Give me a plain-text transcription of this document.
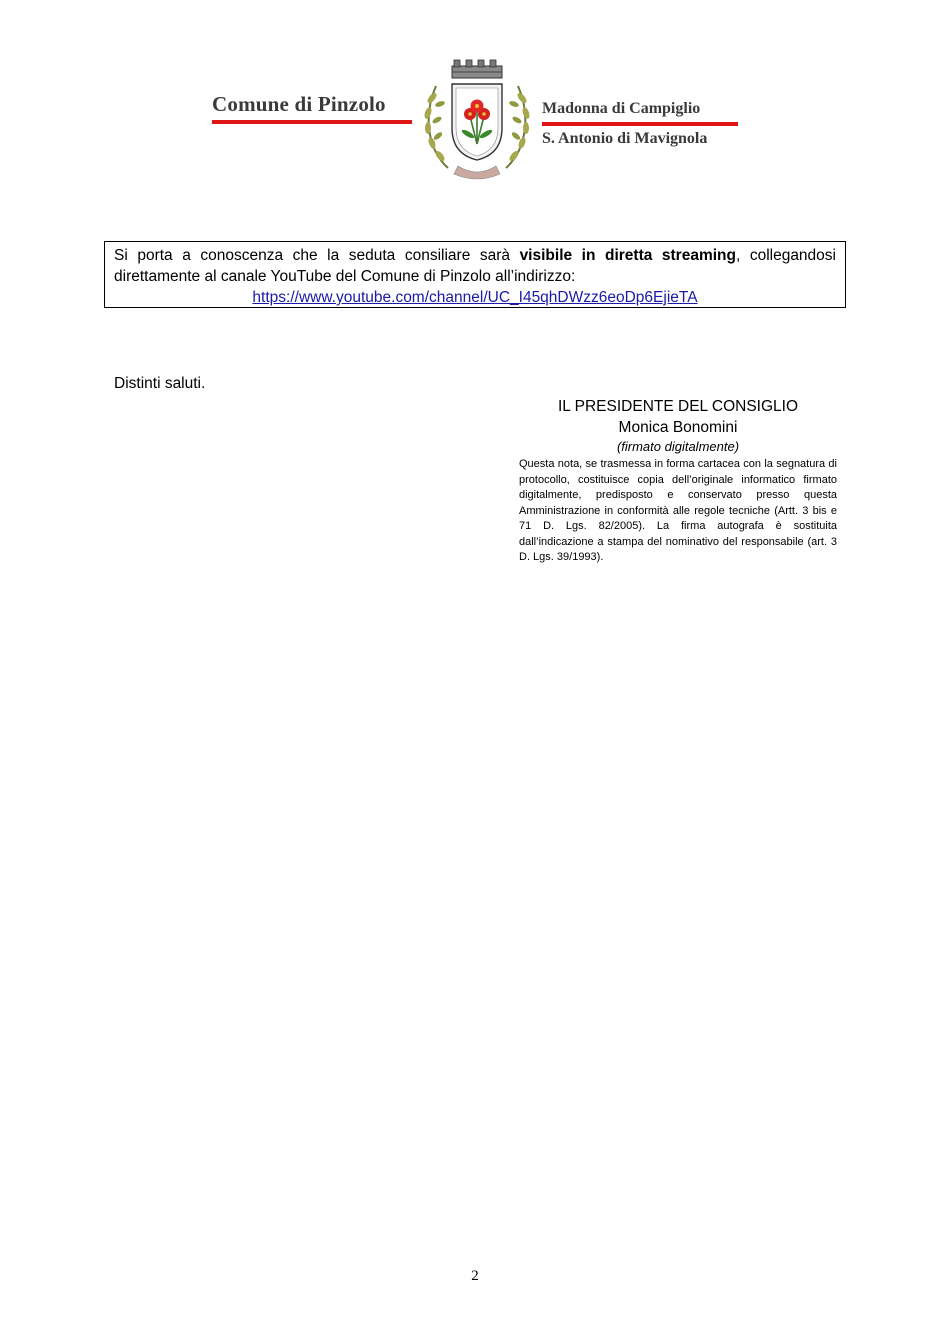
Comune di Pinzolo	Madonna di Campiglio
S. Antonio di Mavignola
Si porta a conoscenza che la seduta consiliare sarà visibile in diretta streaming, collegandosi
direttamente al canale YouTube del Comune di Pinzolo all’indirizzo:
https://www.youtube.com/channel/UC_I45qhDWzz6eoDp6EjieTA
Distinti saluti.
IL PRESIDENTE DEL CONSIGLIO
Monica Bonomini
(firmato digitalmente)
Questa nota, se trasmessa in forma cartacea con la segnatura di protocollo, costituisce copia dell’originale informatico firmato digitalmente, predisposto e conservato presso questa Amministrazione in conformità alle regole tecniche (Artt. 3 bis e 71 D. Lgs. 82/2005). La firma autografa è sostituita dall’indicazione a stampa del nominativo del responsabile (art. 3 D. Lgs. 39/1993).
2
